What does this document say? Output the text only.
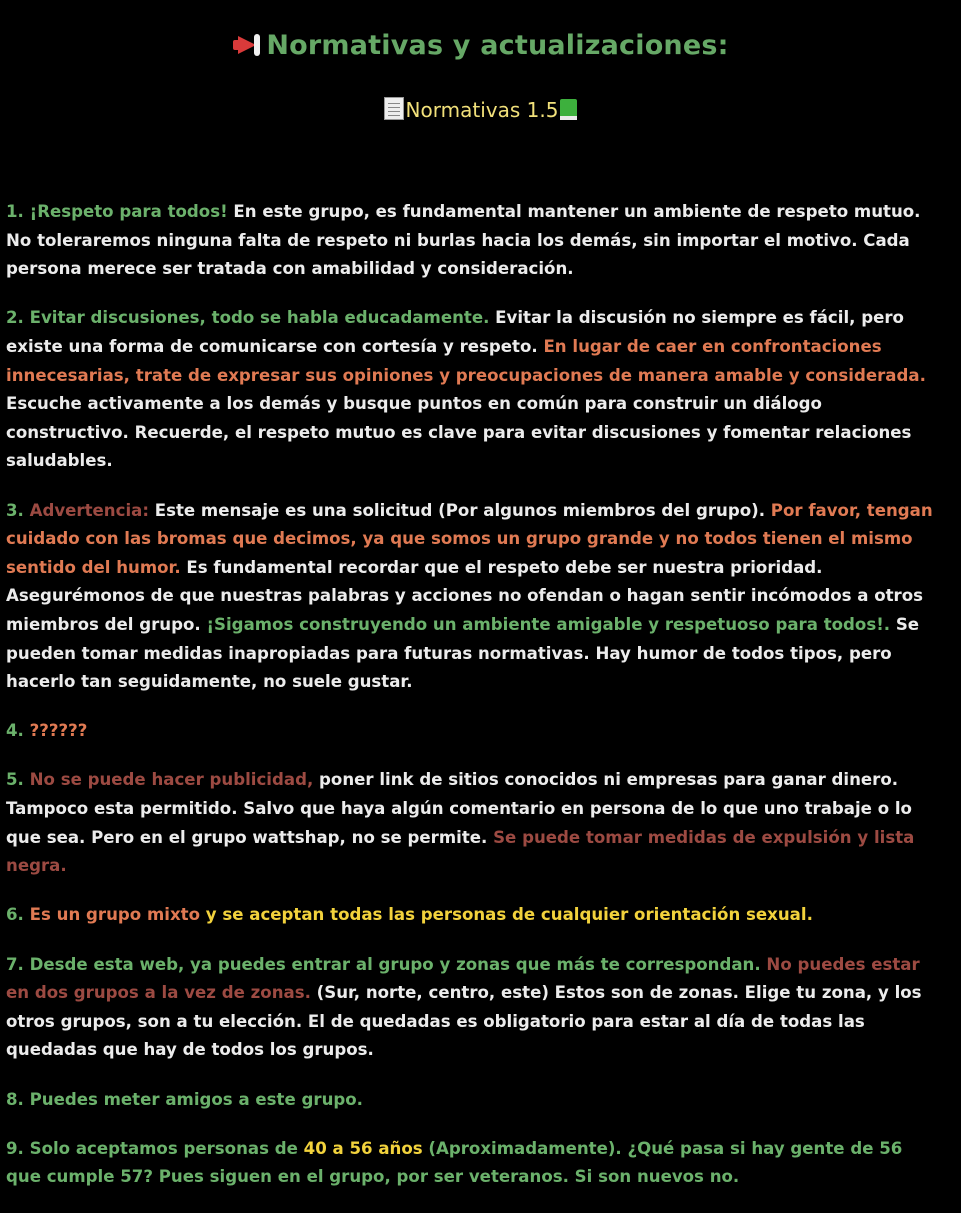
Normativas y actualizaciones:
Normativas 1.5

1. ¡Respeto para todos! En este grupo, es fundamental mantener un ambiente de respeto mutuo. No toleraremos ninguna falta de respeto ni burlas hacia los demás, sin importar el motivo. Cada persona merece ser tratada con amabilidad y consideración.

2. Evitar discusiones, todo se habla educadamente. Evitar la discusión no siempre es fácil, pero existe una forma de comunicarse con cortesía y respeto. En lugar de caer en confrontaciones innecesarias, trate de expresar sus opiniones y preocupaciones de manera amable y considerada. Escuche activamente a los demás y busque puntos en común para construir un diálogo constructivo. Recuerde, el respeto mutuo es clave para evitar discusiones y fomentar relaciones saludables.

3. Advertencia: Este mensaje es una solicitud (Por algunos miembros del grupo). Por favor, tengan cuidado con las bromas que decimos, ya que somos un grupo grande y no todos tienen el mismo sentido del humor. Es fundamental recordar que el respeto debe ser nuestra prioridad. Asegurémonos de que nuestras palabras y acciones no ofendan o hagan sentir incómodos a otros miembros del grupo. ¡Sigamos construyendo un ambiente amigable y respetuoso para todos!. Se pueden tomar medidas inapropiadas para futuras normativas. Hay humor de todos tipos, pero hacerlo tan seguidamente, no suele gustar.

4. ??????

5. No se puede hacer publicidad, poner link de sitios conocidos ni empresas para ganar dinero. Tampoco esta permitido. Salvo que haya algún comentario en persona de lo que uno trabaje o lo que sea. Pero en el grupo wattshap, no se permite. Se puede tomar medidas de expulsión y lista negra.

6. Es un grupo mixto y se aceptan todas las personas de cualquier orientación sexual.

7. Desde esta web, ya puedes entrar al grupo y zonas que más te correspondan. No puedes estar en dos grupos a la vez de zonas. (Sur, norte, centro, este) Estos son de zonas. Elige tu zona, y los otros grupos, son a tu elección. El de quedadas es obligatorio para estar al día de todas las quedadas que hay de todos los grupos.

8. Puedes meter amigos a este grupo.

9. Solo aceptamos personas de 40 a 56 años (Aproximadamente). ¿Qué pasa si hay gente de 56 que cumple 57? Pues siguen en el grupo, por ser veteranos. Si son nuevos no.
